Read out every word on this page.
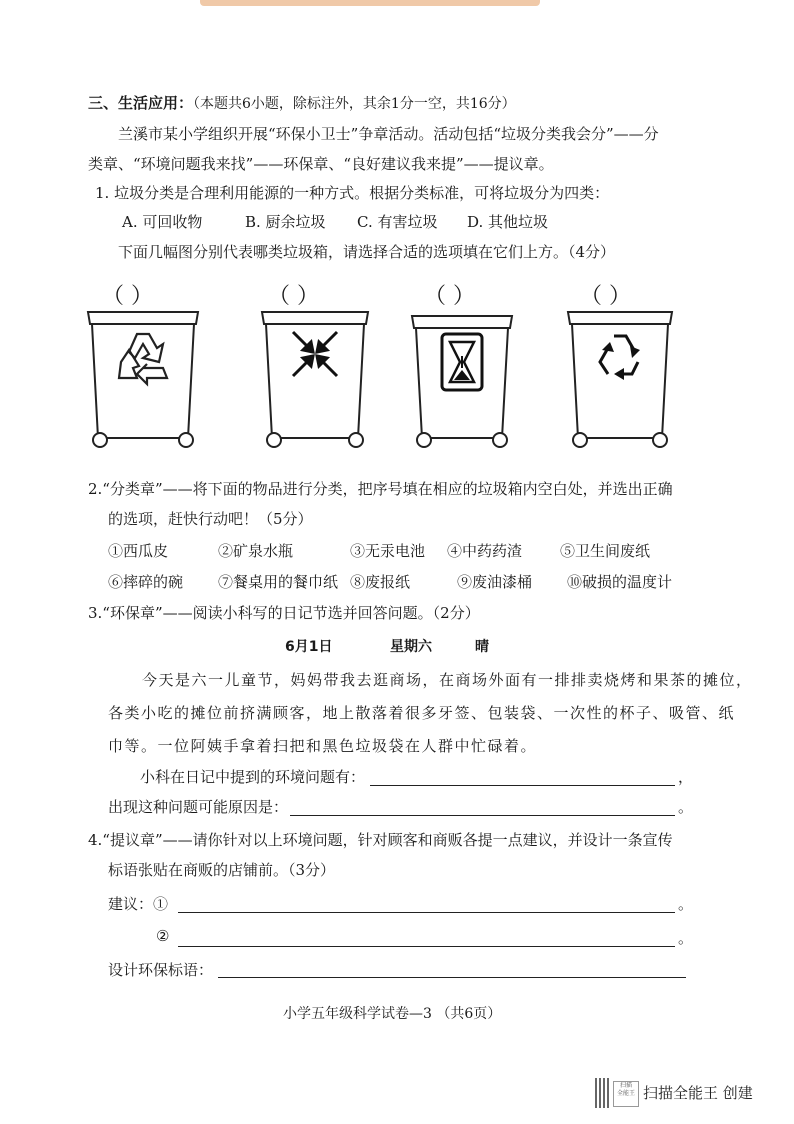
三、生活应用：（本题共6小题，除标注外，其余1分一空，共16分）
兰溪市某小学组织开展“环保小卫士”争章活动。活动包括“垃圾分类我会分”——分
类章、“环境问题我来找”——环保章、“良好建议我来提”——提议章。
1. 垃圾分类是合理利用能源的一种方式。根据分类标准，可将垃圾分为四类：
A. 可回收物	B. 厨余垃圾 C. 有害垃圾 D. 其他垃圾
下面几幅图分别代表哪类垃圾箱，请选择合适的选项填在它们上方。（4分）
（ ）	（ ）	（ ）	（ ）
2.“分类章”——将下面的物品进行分类，把序号填在相应的垃圾箱内空白处，并选出正确
的选项，赶快行动吧！（5分）
①西瓜皮	②矿泉水瓶	③无汞电池 ④中药药渣	⑤卫生间废纸
⑥摔碎的碗 ⑦餐桌用的餐巾纸 ⑧废报纸	⑨废油漆桶 ⑩破损的温度计
3.“环保章”——阅读小科写的日记节选并回答问题。（2分）
6月1日	星期六	晴
今天是六一儿童节，妈妈带我去逛商场，在商场外面有一排排卖烧烤和果茶的摊位，
各类小吃的摊位前挤满顾客，地上散落着很多牙签、包装袋、一次性的杯子、吸管、纸
巾等。一位阿姨手拿着扫把和黑色垃圾袋在人群中忙碌着。
小科在日记中提到的环境问题有：	，
出现这种问题可能原因是：	。
4.“提议章”——请你针对以上环境问题，针对顾客和商贩各提一点建议，并设计一条宣传
标语张贴在商贩的店铺前。（3分）
建议：①	。
②	。
设计环保标语：
小学五年级科学试卷—3 （共6页）
扫描
全能王 扫描全能王 创建
